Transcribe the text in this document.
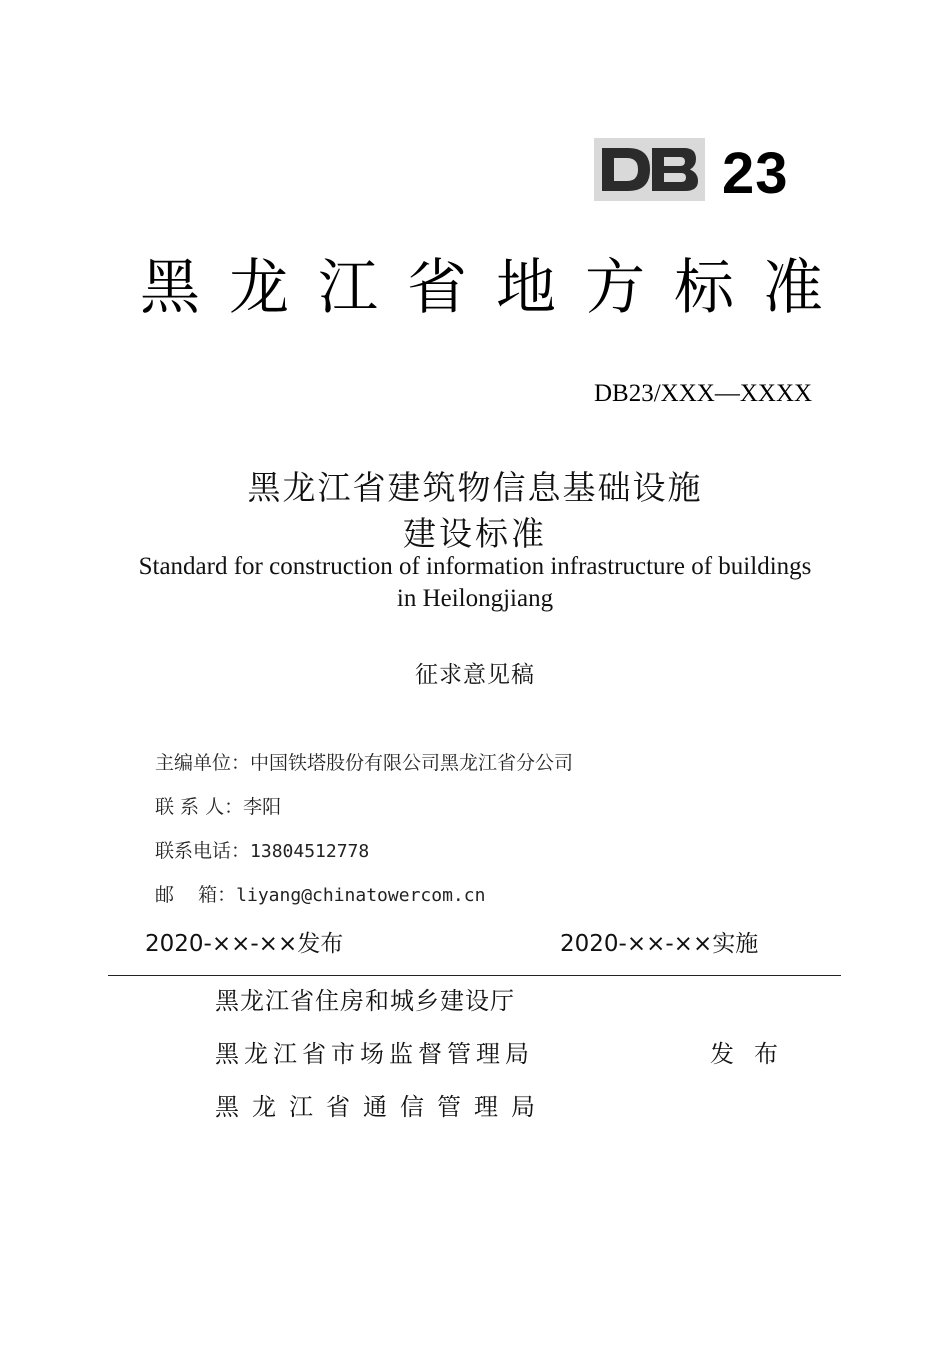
23
黑龙江省地方标准
DB23/XXX—XXXX
黑龙江省建筑物信息基础设施
建设标准
Standard for construction of information infrastructure of buildings
in Heilongjiang
征求意见稿
主编单位：中国铁塔股份有限公司黑龙江省分公司
联 系 人：李阳
联系电话：13804512778
邮    箱：liyang@chinatowercom.cn
2020-××-××发布	2020-××-××实施
黑龙江省住房和城乡建设厅
黑龙江省市场监督管理局
黑龙江省通信管理局
发布
